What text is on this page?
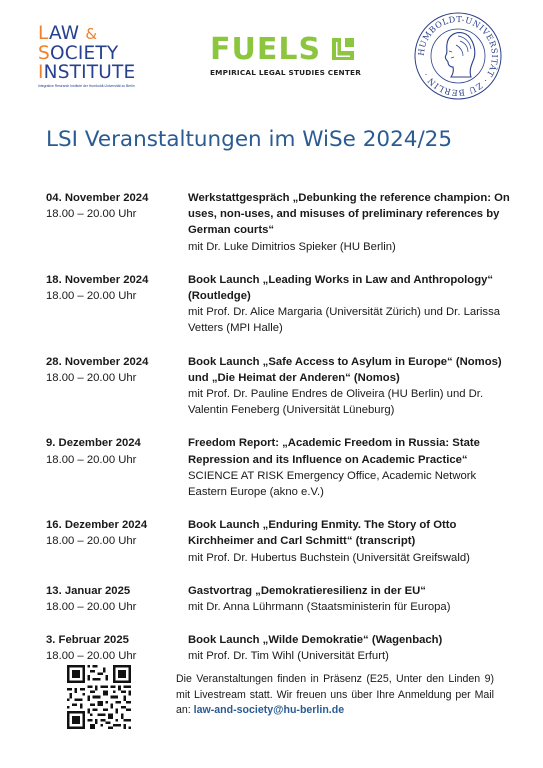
LAW &
SOCIETY
INSTITUTE
Integrative Research Institute der Humboldt-Universität zu Berlin
FUELS
EMPIRICAL LEGAL STUDIES CENTER
HUMBOLDT-UNIVERSITÄT · ZU BERLIN ·
LSI Veranstaltungen im WiSe 2024/25
04. November 2024
18.00 – 20.00 Uhr
Werkstattgespräch „Debunking the reference champion: On uses, non-uses, and misuses of preliminary references by German courts“
mit Dr. Luke Dimitrios Spieker (HU Berlin)
18. November 2024
18.00 – 20.00 Uhr
Book Launch „Leading Works in Law and Anthropology“ (Routledge)
mit Prof. Dr. Alice Margaria (Universität Zürich) und Dr. Larissa Vetters (MPI Halle)
28. November 2024
18.00 – 20.00 Uhr
Book Launch „Safe Access to Asylum in Europe“ (Nomos) und „Die Heimat der Anderen“ (Nomos)
mit Prof. Dr. Pauline Endres de Oliveira (HU Berlin) und Dr. Valentin Feneberg (Universität Lüneburg)
9. Dezember 2024
18.00 – 20.00 Uhr
Freedom Report: „Academic Freedom in Russia: State Repression and its Influence on Academic Practice“
SCIENCE AT RISK Emergency Office, Academic Network Eastern Europe (akno e.V.)
16. Dezember 2024
18.00 – 20.00 Uhr
Book Launch „Enduring Enmity. The Story of Otto Kirchheimer and Carl Schmitt“ (transcript)
mit Prof. Dr. Hubertus Buchstein (Universität Greifswald)
13. Januar 2025
18.00 – 20.00 Uhr
Gastvortrag „Demokratieresilienz in der EU“
mit Dr. Anna Lührmann (Staatsministerin für Europa)
3. Februar 2025
18.00 – 20.00 Uhr
Book Launch „Wilde Demokratie“ (Wagenbach)
mit Prof. Dr. Tim Wihl (Universität Erfurt)
Die Veranstaltungen finden in Präsenz (E25, Unter den Linden 9) mit Livestream statt. Wir freuen uns über Ihre Anmeldung per Mail an: law-and-society@hu-berlin.de
